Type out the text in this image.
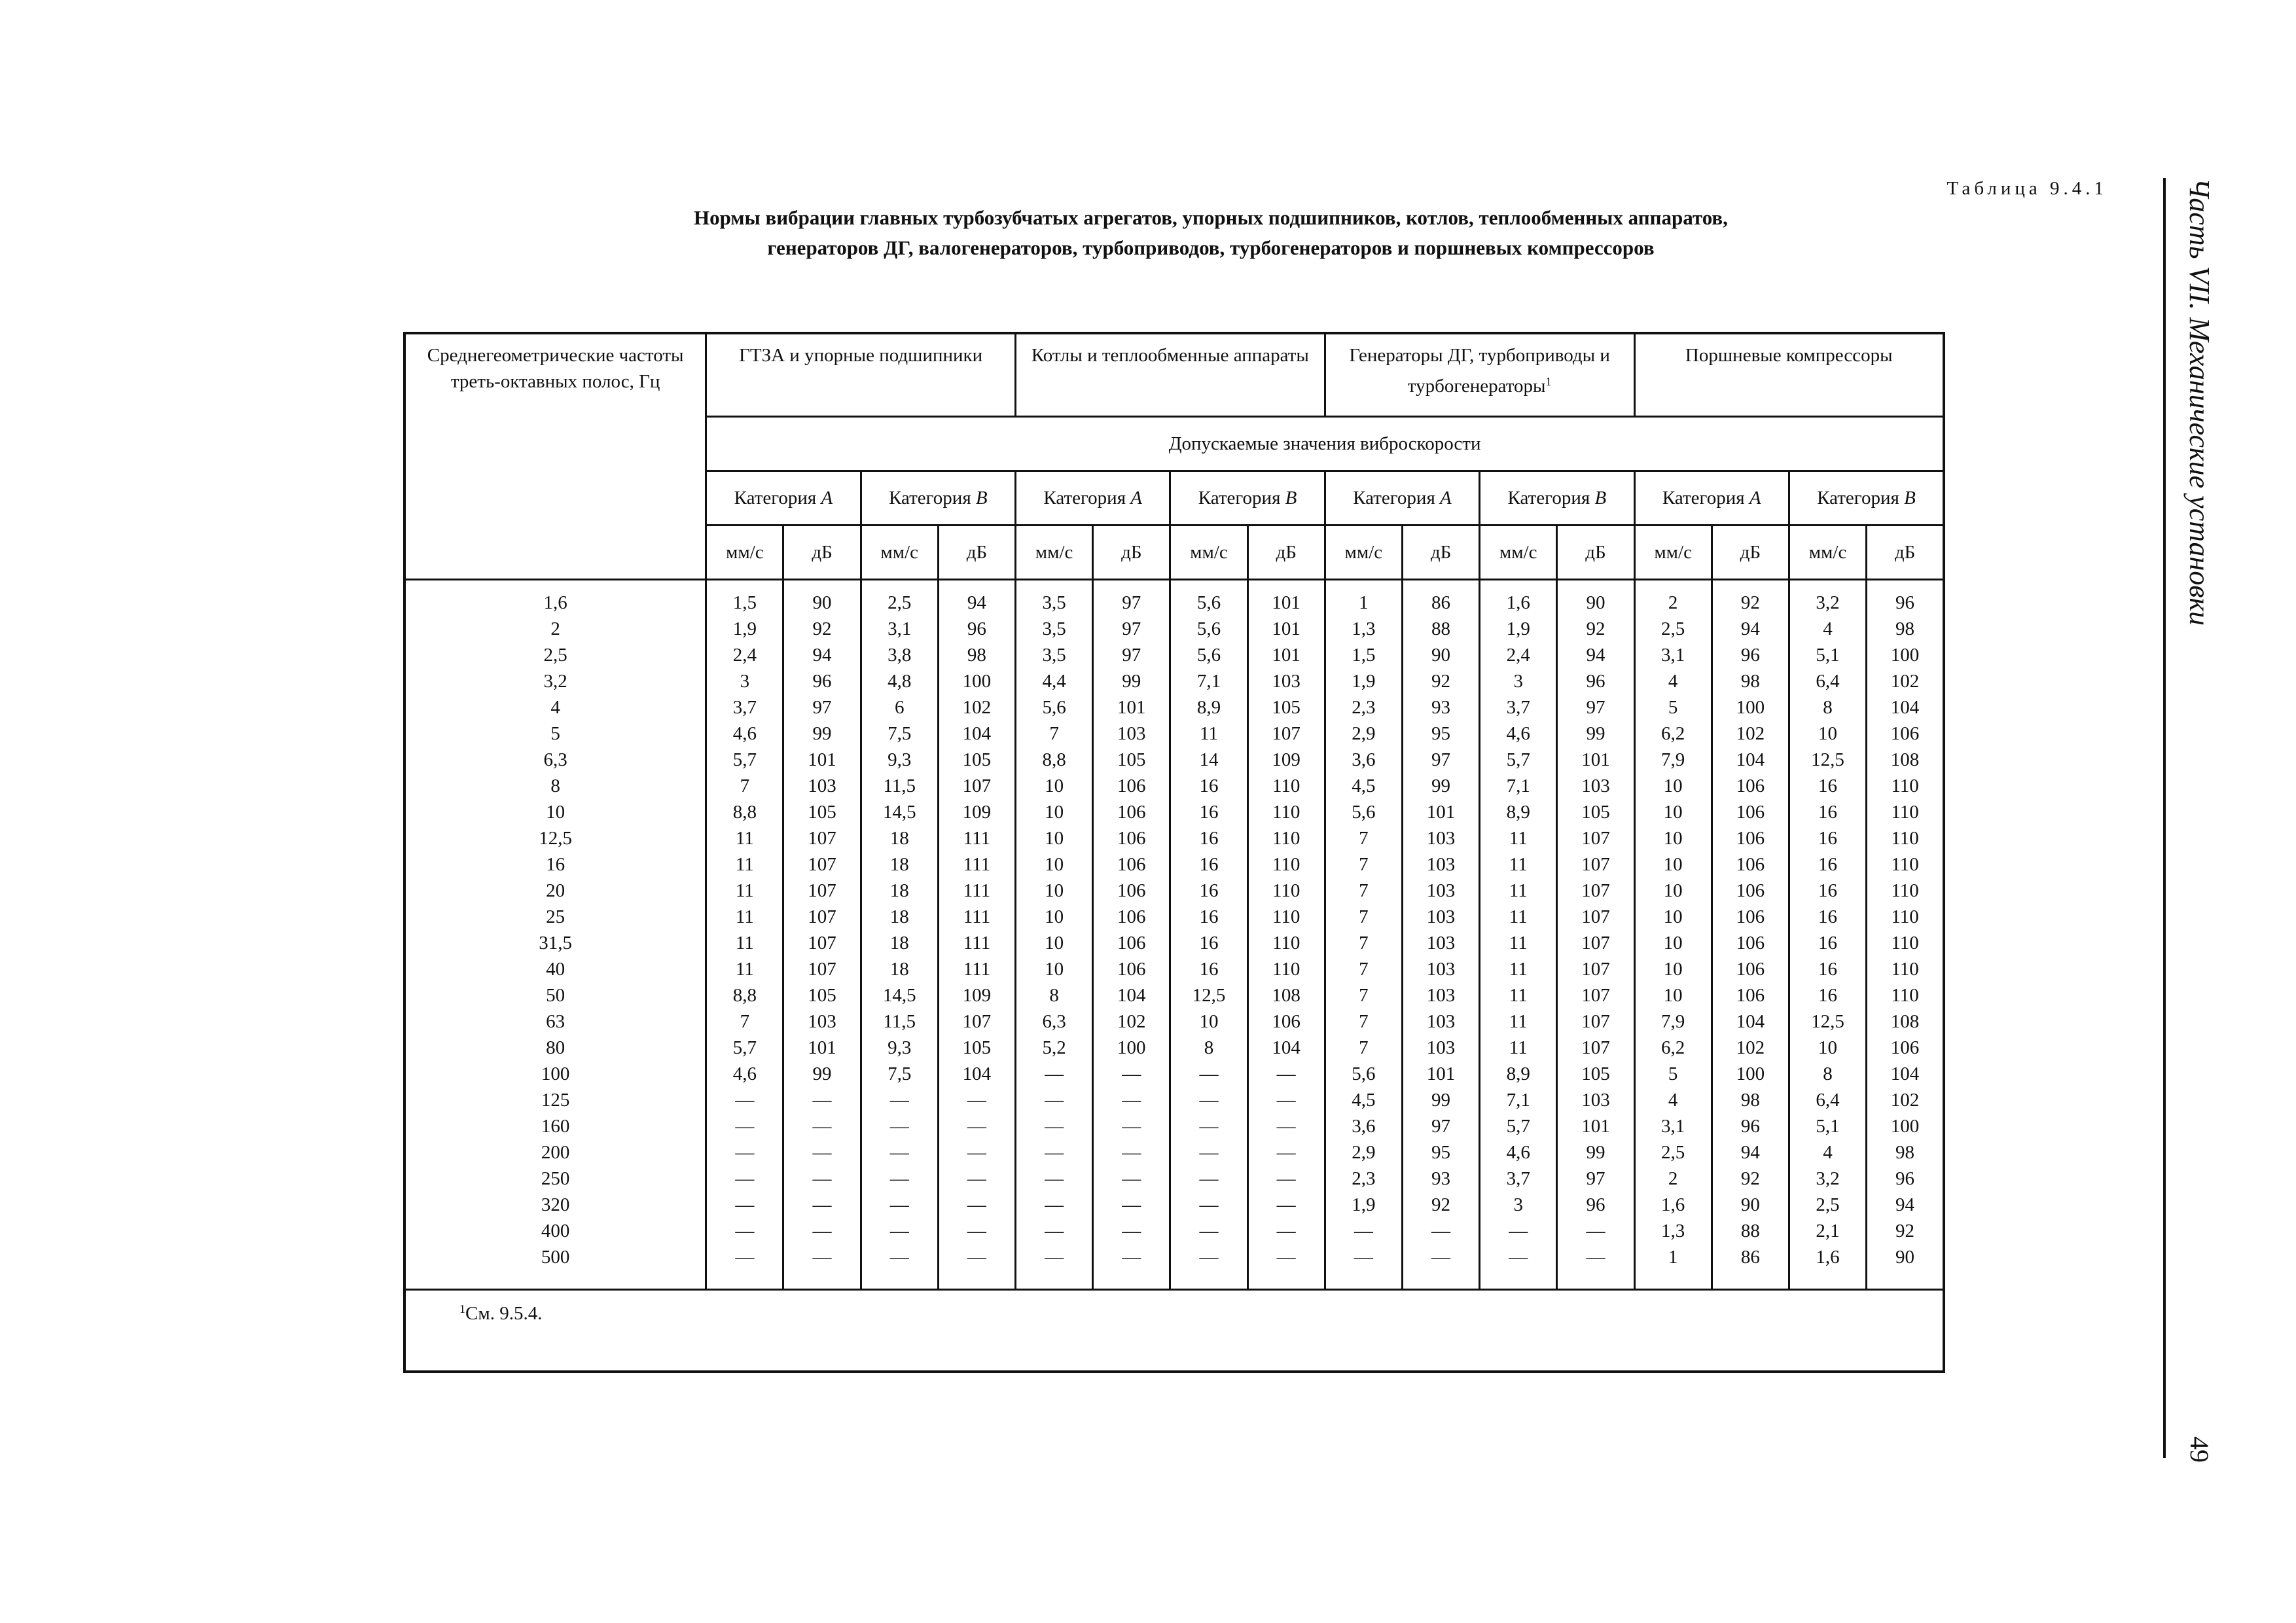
Таблица 9.4.1
Нормы вибрации главных турбозубчатых агрегатов, упорных подшипников, котлов, теплообменных аппаратов,
генераторов ДГ, валогенераторов, турбоприводов, турбогенераторов и поршневых компрессоров	Часть VII. Механические установки
49
Среднегеометрические частоты треть-октавных полос, Гц	ГТЗА и упорные подшипники				Котлы и теплообменные аппараты				Генераторы ДГ, турбоприводы и турбогенераторы$^1$				Поршневые компрессоры			
	Допускаемые значения виброскорости															
	Категория A		Категория B		Категория A		Категория B		Категория A		Категория B		Категория A		Категория B	
	мм/с	дБ	мм/с	дБ	мм/с	дБ	мм/с	дБ	мм/с	дБ	мм/с	дБ	мм/с	дБ	мм/с	дБ
1,6	1,5	90	2,5	94	3,5	97	5,6	101	1	86	1,6	90	2	92	3,2	96
2	1,9	92	3,1	96	3,5	97	5,6	101	1,3	88	1,9	92	2,5	94	4	98
2,5	2,4	94	3,8	98	3,5	97	5,6	101	1,5	90	2,4	94	3,1	96	5,1	100
3,2	3	96	4,8	100	4,4	99	7,1	103	1,9	92	3	96	4	98	6,4	102
4	3,7	97	6	102	5,6	101	8,9	105	2,3	93	3,7	97	5	100	8	104
5	4,6	99	7,5	104	7	103	11	107	2,9	95	4,6	99	6,2	102	10	106
6,3	5,7	101	9,3	105	8,8	105	14	109	3,6	97	5,7	101	7,9	104	12,5	108
8	7	103	11,5	107	10	106	16	110	4,5	99	7,1	103	10	106	16	110
10	8,8	105	14,5	109	10	106	16	110	5,6	101	8,9	105	10	106	16	110
12,5	11	107	18	111	10	106	16	110	7	103	11	107	10	106	16	110
16	11	107	18	111	10	106	16	110	7	103	11	107	10	106	16	110
20	11	107	18	111	10	106	16	110	7	103	11	107	10	106	16	110
25	11	107	18	111	10	106	16	110	7	103	11	107	10	106	16	110
31,5	11	107	18	111	10	106	16	110	7	103	11	107	10	106	16	110
40	11	107	18	111	10	106	16	110	7	103	11	107	10	106	16	110
50	8,8	105	14,5	109	8	104	12,5	108	7	103	11	107	10	106	16	110
63	7	103	11,5	107	6,3	102	10	106	7	103	11	107	7,9	104	12,5	108
80	5,7	101	9,3	105	5,2	100	8	104	7	103	11	107	6,2	102	10	106
100	4,6	99	7,5	104	—	—	—	—	5,6	101	8,9	105	5	100	8	104
125	—	—	—	—	—	—	—	—	4,5	99	7,1	103	4	98	6,4	102
160	—	—	—	—	—	—	—	—	3,6	97	5,7	101	3,1	96	5,1	100
200	—	—	—	—	—	—	—	—	2,9	95	4,6	99	2,5	94	4	98
250	—	—	—	—	—	—	—	—	2,3	93	3,7	97	2	92	3,2	96
320	—	—	—	—	—	—	—	—	1,9	92	3	96	1,6	90	2,5	94
400	—	—	—	—	—	—	—	—	—	—	—	—	1,3	88	2,1	92
500	—	—	—	—	—	—	—	—	—	—	—	—	1	86	1,6	90
$^1$См. 9.5.4.																
